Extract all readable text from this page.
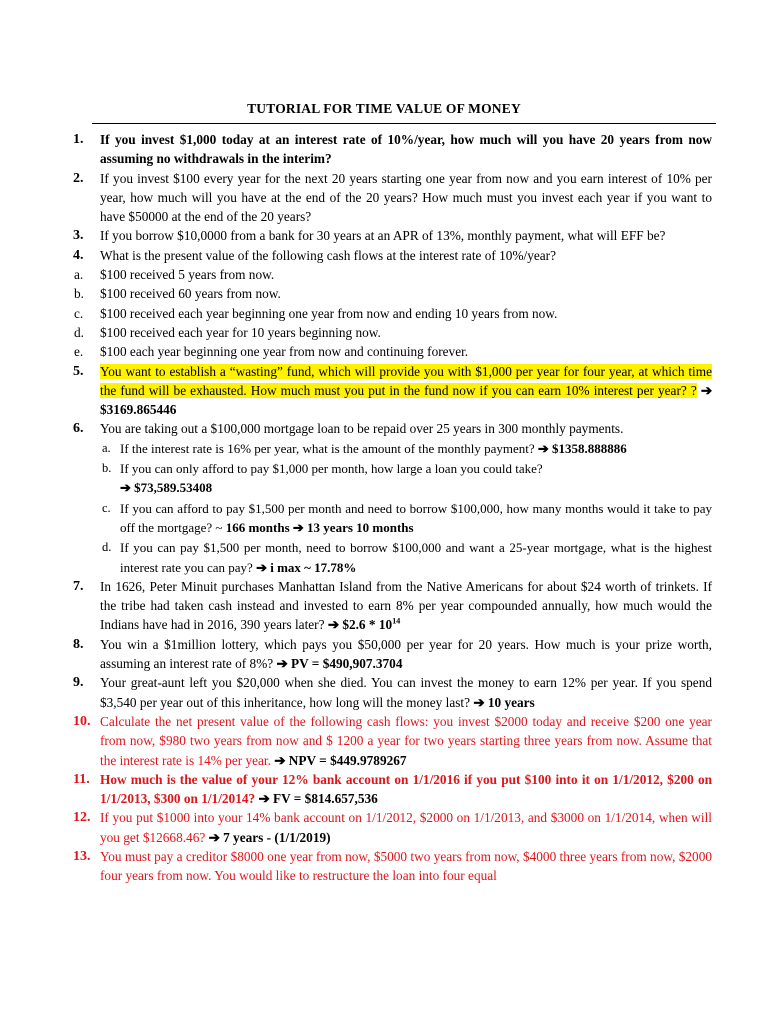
TUTORIAL FOR TIME VALUE OF MONEY
1. If you invest $1,000 today at an interest rate of 10%/year, how much will you have 20 years from now assuming no withdrawals in the interim?
2. If you invest $100 every year for the next 20 years starting one year from now and you earn interest of 10% per year, how much will you have at the end of the 20 years? How much must you invest each year if you want to have $50000 at the end of the 20 years?
3. If you borrow $10,0000 from a bank for 30 years at an APR of 13%, monthly payment, what will EFF be?
4. What is the present value of the following cash flows at the interest rate of 10%/year?
a. $100 received 5 years from now.
b. $100 received 60 years from now.
c. $100 received each year beginning one year from now and ending 10 years from now.
d. $100 received each year for 10 years beginning now.
e. $100 each year beginning one year from now and continuing forever.
5. You want to establish a “wasting” fund, which will provide you with $1,000 per year for four year, at which time the fund will be exhausted. How much must you put in the fund now if you can earn 10% interest per year? ? ➔ $3169.865446
6. You are taking out a $100,000 mortgage loan to be repaid over 25 years in 300 monthly payments.
a. If the interest rate is 16% per year, what is the amount of the monthly payment? ➔ $1358.888886
b. If you can only afford to pay $1,000 per month, how large a loan you could take?
➔ $73,589.53408
c. If you can afford to pay $1,500 per month and need to borrow $100,000, how many months would it take to pay off the mortgage? ~ 166 months ➔ 13 years 10 months
d. If you can pay $1,500 per month, need to borrow $100,000 and want a 25-year mortgage, what is the highest interest rate you can pay? ➔ i max ~ 17.78%
7. In 1626, Peter Minuit purchases Manhattan Island from the Native Americans for about $24 worth of trinkets. If the tribe had taken cash instead and invested to earn 8% per year compounded annually, how much would the Indians have had in 2016, 390 years later? ➔ $2.6 * $10^{14}$
8. You win a $1million lottery, which pays you $50,000 per year for 20 years. How much is your prize worth, assuming an interest rate of 8%? ➔ PV = $490,907.3704
9. Your great-aunt left you $20,000 when she died. You can invest the money to earn 12% per year. If you spend $3,540 per year out of this inheritance, how long will the money last? ➔ 10 years
10. Calculate the net present value of the following cash flows: you invest $2000 today and receive $200 one year from now, $980 two years from now and $ 1200 a year for two years starting three years from now. Assume that the interest rate is 14% per year. ➔ NPV = $449.9789267
11. How much is the value of your 12% bank account on 1/1/2016 if you put $100 into it on 1/1/2012, $200 on 1/1/2013, $300 on 1/1/2014? ➔ FV = $814.657,536
12. If you put $1000 into your 14% bank account on 1/1/2012, $2000 on 1/1/2013, and $3000 on 1/1/2014, when will you get $12668.46? ➔ 7 years - (1/1/2019)
13. You must pay a creditor $8000 one year from now, $5000 two years from now, $4000 three years from now, $2000 four years from now. You would like to restructure the loan into four equal
